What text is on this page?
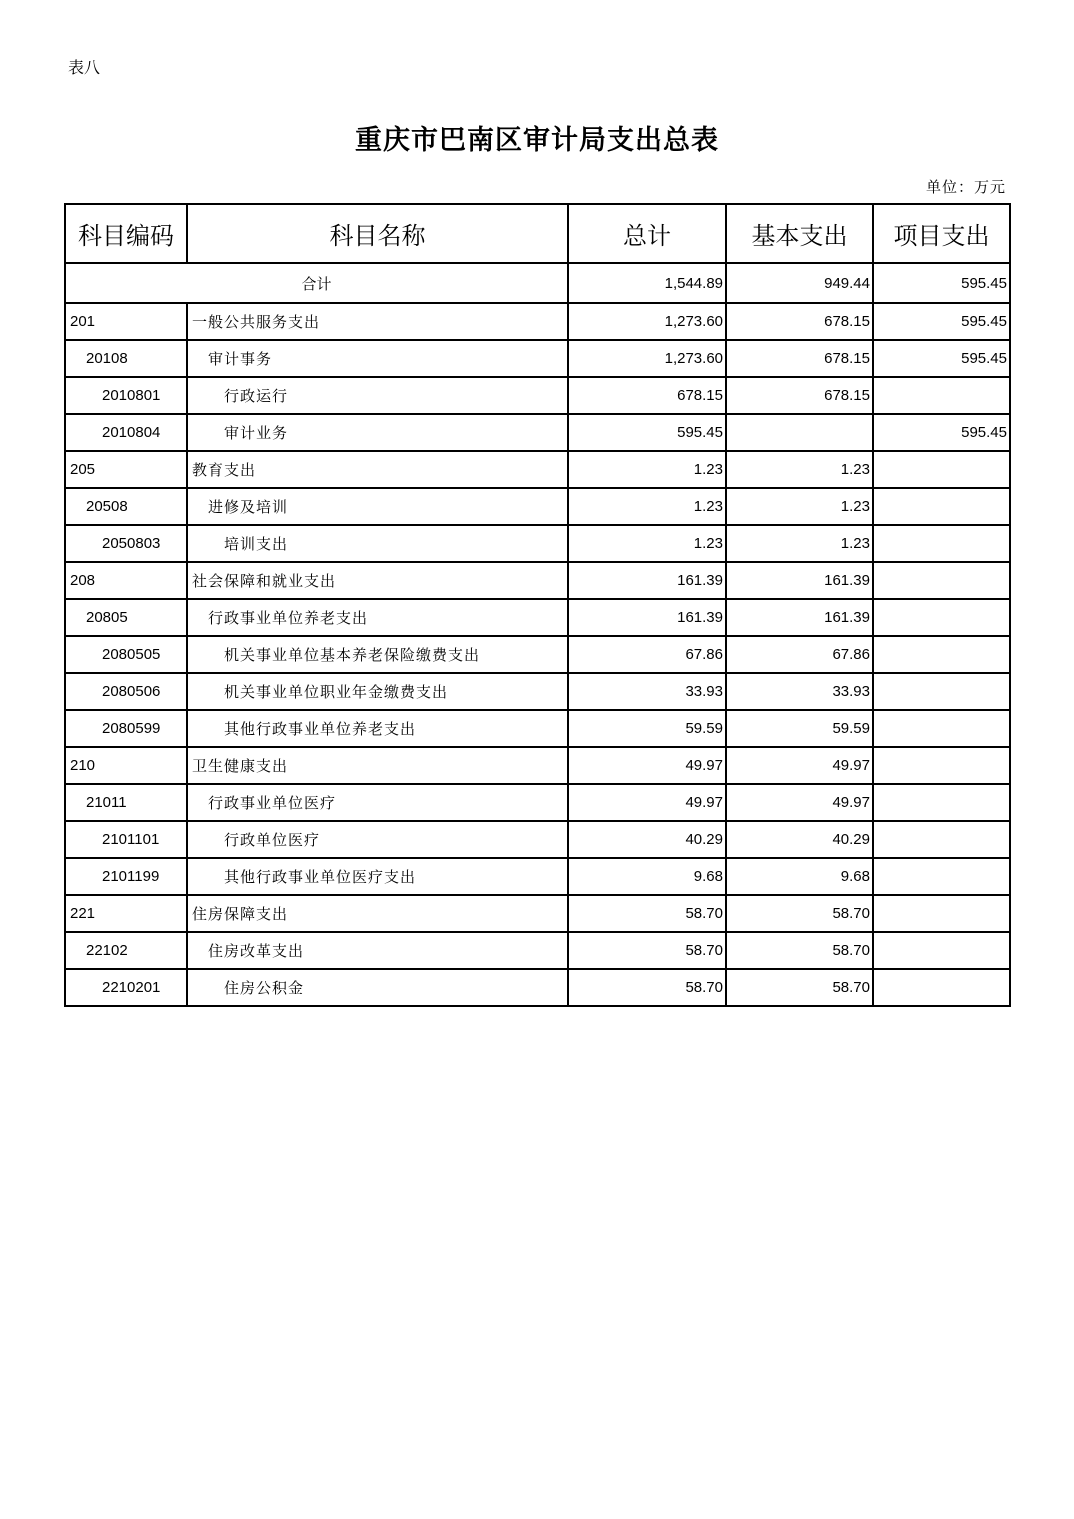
表八
重庆市巴南区审计局支出总表
单位：万元
科目编码	科目名称	总计	基本支出	项目支出
合计		1,544.89	949.44	595.45
201	一般公共服务支出	1,273.60	678.15	595.45
20108	审计事务	1,273.60	678.15	595.45
2010801	行政运行	678.15	678.15	
2010804	审计业务	595.45		595.45
205	教育支出	1.23	1.23	
20508	进修及培训	1.23	1.23	
2050803	培训支出	1.23	1.23	
208	社会保障和就业支出	161.39	161.39	
20805	行政事业单位养老支出	161.39	161.39	
2080505	机关事业单位基本养老保险缴费支出	67.86	67.86	
2080506	机关事业单位职业年金缴费支出	33.93	33.93	
2080599	其他行政事业单位养老支出	59.59	59.59	
210	卫生健康支出	49.97	49.97	
21011	行政事业单位医疗	49.97	49.97	
2101101	行政单位医疗	40.29	40.29	
2101199	其他行政事业单位医疗支出	9.68	9.68	
221	住房保障支出	58.70	58.70	
22102	住房改革支出	58.70	58.70	
2210201	住房公积金	58.70	58.70	
